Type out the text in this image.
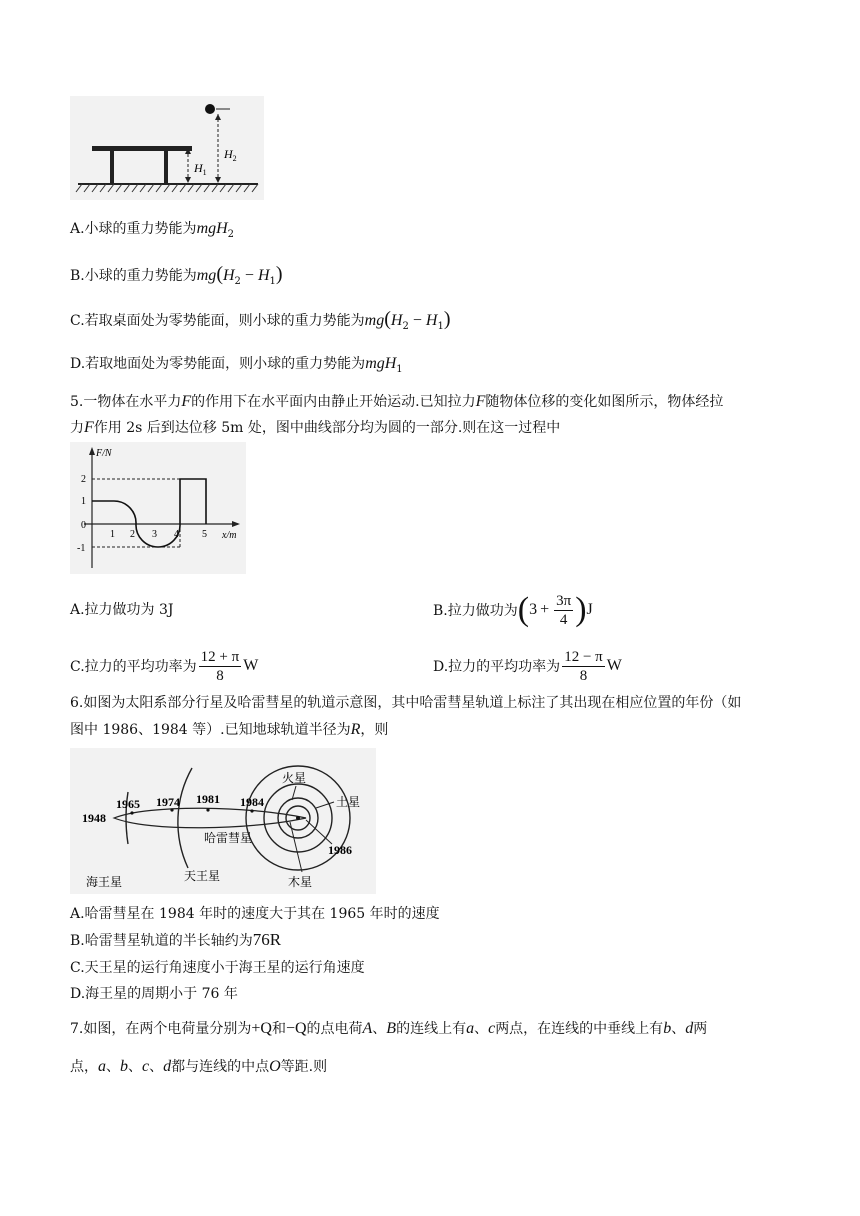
$H_1$
$H_2$
A.小球的重力势能为mgH$_2$
B.小球的重力势能为$mg(H_2 - H_1)$
C.若取桌面处为零势能面，则小球的重力势能为$mg(H_2 - H_1)$
D.若取地面处为零势能面，则小球的重力势能为mgH$_1$
5.一物体在水平力F的作用下在水平面内由静止开始运动.已知拉力F随物体位移的变化如图所示，物体经拉
力F作用 2s 后到达位移 5m 处，图中曲线部分均为圆的一部分.则在这一过程中
F/N
x/m
2
1
0
-1
1 2 3 4 5
A.拉力做功为 3J	B.拉力做功为 ( $3 + \frac{3\pi}{4}$ ) J
C.拉力的平均功率为 $\frac{12 + \pi}{8}$ W	D.拉力的平均功率为 $\frac{12 - \pi}{8}$ W
6.如图为太阳系部分行星及哈雷彗星的轨道示意图，其中哈雷彗星轨道上标注了其出现在相应位置的年份（如
图中 1986、1984 等）.已知地球轨道半径为R，则
1948
1965 1974 1981 1984
1986
火星
土星
哈雷彗星
海王星	天王星	木星
A.哈雷彗星在 1984 年时的速度大于其在 1965 年时的速度
B.哈雷彗星轨道的半长轴约为76R
C.天王星的运行角速度小于海王星的运行角速度
D.海王星的周期小于 76 年
7.如图，在两个电荷量分别为+Q和−Q的点电荷A、B的连线上有a、c两点，在连线的中垂线上有b、d两
点，a、b、c、d都与连线的中点O等距.则
